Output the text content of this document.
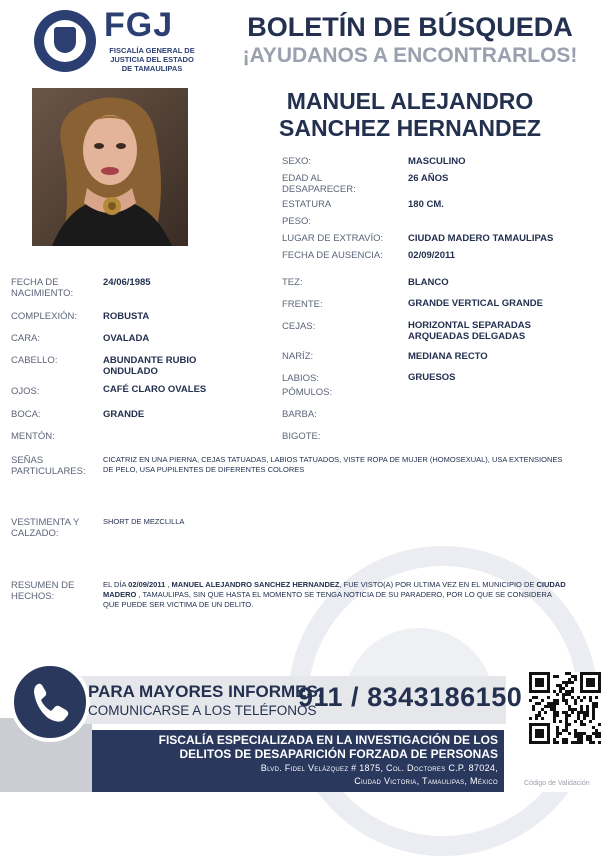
FGJ
FISCALÍA GENERAL DE JUSTICIA DEL ESTADO DE TAMAULIPAS
BOLETÍN DE BÚSQUEDA
¡AYUDANOS A ENCONTRARLOS!
MANUEL ALEJANDRO
SANCHEZ HERNANDEZ
SEXO:	MASCULINO
EDAD AL DESAPARECER:
26 AÑOS
ESTATURA	180 CM.
PESO:
LUGAR DE EXTRAVÍO:	CIUDAD MADERO TAMAULIPAS
FECHA DE AUSENCIA:	02/09/2011
FECHA DE NACIMIENTO:
24/06/1985
COMPLEXIÓN:	ROBUSTA
CARA:	OVALADA
CABELLO:	ABUNDANTE RUBIO ONDULADO
OJOS:	CAFÉ CLARO OVALES
BOCA:	GRANDE
MENTÓN:
TEZ:	BLANCO
FRENTE:	GRANDE VERTICAL GRANDE
CEJAS:	HORIZONTAL SEPARADAS ARQUEADAS DELGADAS
NARÍZ:	MEDIANA RECTO
LABIOS:	GRUESOS
PÓMULOS:
BARBA:
BIGOTE:
SEÑAS PARTICULARES:
CICATRIZ EN UNA PIERNA, CEJAS TATUADAS, LABIOS TATUADOS, VISTE ROPA DE MUJER (HOMOSEXUAL), USA EXTENSIONES DE PELO, USA PUPILENTES DE DIFERENTES COLORES
VESTIMENTA Y CALZADO:
SHORT DE MEZCLILLA
RESUMEN DE HECHOS:
EL DÍA 02/09/2011 , MANUEL ALEJANDRO SANCHEZ HERNANDEZ, FUE VISTO(A) POR ULTIMA VEZ EN EL MUNICIPIO DE CIUDAD MADERO , TAMAULIPAS, SIN QUE HASTA EL MOMENTO SE TENGA NOTICIA DE SU PARADERO, POR LO QUE SE CONSIDERA QUE PUEDE SER VICTIMA DE UN DELITO.
PARA MAYORES INFORMES,
COMUNICARSE A LOS TELÉFONOS
911 / 8343186150
FISCALÍA ESPECIALIZADA EN LA INVESTIGACIÓN DE LOS
DELITOS DE DESAPARICIÓN FORZADA DE PERSONAS
Blvd. Fidel Velázquez # 1875, Col. Doctores C.P. 87024,
Ciudad Victoria, Tamaulipas, México	Código de Validación
